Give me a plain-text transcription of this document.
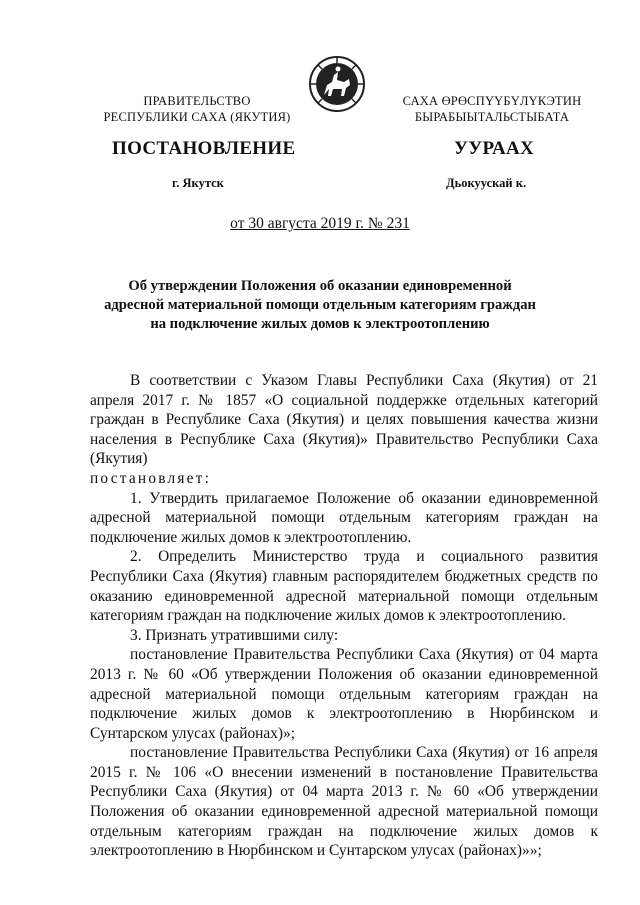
ПРАВИТЕЛЬСТВО
РЕСПУБЛИКИ САХА (ЯКУТИЯ)
САХА ӨРӨСПҮҮБҮЛҮКЭТИН
БЫРАБЫЫТАЛЬСТЫБАТА
ПОСТАНОВЛЕНИЕ	УУРААХ
г. Якутск	Дьокуускай к.
от 30 августа 2019 г. № 231
Об утверждении Положения об оказании единовременной
адресной материальной помощи отдельным категориям граждан
на подключение жилых домов к электроотоплению

В соответствии с Указом Главы Республики Саха (Якутия) от 21 апреля 2017 г. № 1857 «О социальной поддержке отдельных категорий граждан в Республике Саха (Якутия) и целях повышения качества жизни населения в Республике Саха (Якутия)» Правительство Республики Саха (Якутия)
постановляет:

1. Утвердить прилагаемое Положение об оказании единовременной адресной материальной помощи отдельным категориям граждан на подключение жилых домов к электроотоплению.

2. Определить Министерство труда и социального развития Республики Саха (Якутия) главным распорядителем бюджетных средств по оказанию единовременной адресной материальной помощи отдельным категориям граждан на подключение жилых домов к электроотоплению.

3. Признать утратившими силу:

постановление Правительства Республики Саха (Якутия) от 04 марта 2013 г. № 60 «Об утверждении Положения об оказании единовременной адресной материальной помощи отдельным категориям граждан на подключение жилых домов к электроотоплению в Нюрбинском и Сунтарском улусах (районах)»;

постановление Правительства Республики Саха (Якутия) от 16 апреля 2015 г. № 106 «О внесении изменений в постановление Правительства Республики Саха (Якутия) от 04 марта 2013 г. № 60 «Об утверждении Положения об оказании единовременной адресной материальной помощи отдельным категориям граждан на подключение жилых домов к электроотоплению в Нюрбинском и Сунтарском улусах (районах)»»;
